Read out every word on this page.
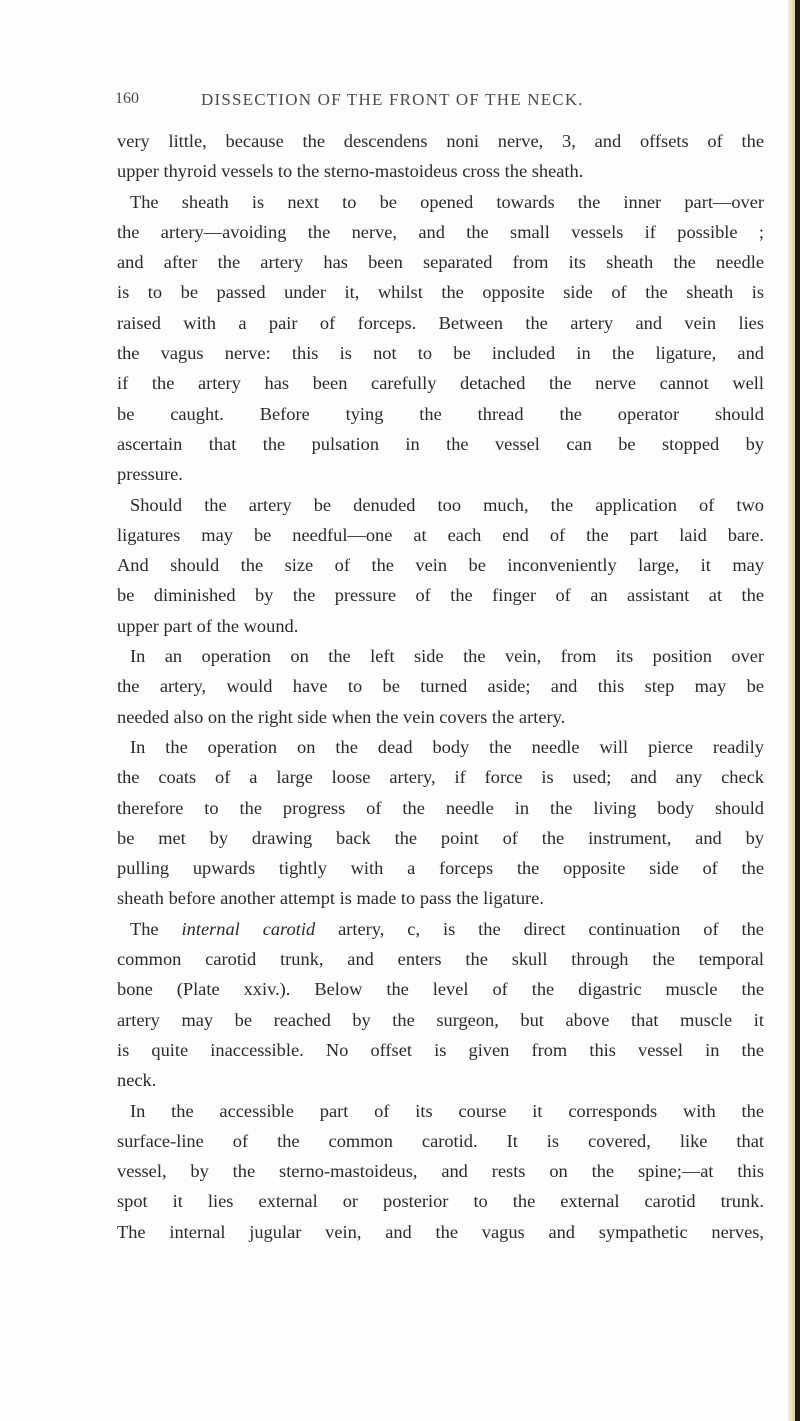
160	DISSECTION OF THE FRONT OF THE NECK.
very little, because the descendens noni nerve, 3, and offsets of the
upper thyroid vessels to the sterno-mastoideus cross the sheath.
The sheath is next to be opened towards the inner part—over
the artery—avoiding the nerve, and the small vessels if possible ;
and after the artery has been separated from its sheath the needle
is to be passed under it, whilst the opposite side of the sheath is
raised with a pair of forceps. Between the artery and vein lies
the vagus nerve: this is not to be included in the ligature, and
if the artery has been carefully detached the nerve cannot well
be caught. Before tying the thread the operator should
ascertain that the pulsation in the vessel can be stopped by
pressure.
Should the artery be denuded too much, the application of two
ligatures may be needful—one at each end of the part laid bare.
And should the size of the vein be inconveniently large, it may
be diminished by the pressure of the finger of an assistant at the
upper part of the wound.
In an operation on the left side the vein, from its position over
the artery, would have to be turned aside; and this step may be
needed also on the right side when the vein covers the artery.
In the operation on the dead body the needle will pierce readily
the coats of a large loose artery, if force is used; and any check
therefore to the progress of the needle in the living body should
be met by drawing back the point of the instrument, and by
pulling upwards tightly with a forceps the opposite side of the
sheath before another attempt is made to pass the ligature.
The internal carotid artery, c, is the direct continuation of the
common carotid trunk, and enters the skull through the temporal
bone (Plate xxiv.). Below the level of the digastric muscle the
artery may be reached by the surgeon, but above that muscle it
is quite inaccessible. No offset is given from this vessel in the
neck.
In the accessible part of its course it corresponds with the
surface-line of the common carotid. It is covered, like that
vessel, by the sterno-mastoideus, and rests on the spine;—at this
spot it lies external or posterior to the external carotid trunk.
The internal jugular vein, and the vagus and sympathetic nerves,
